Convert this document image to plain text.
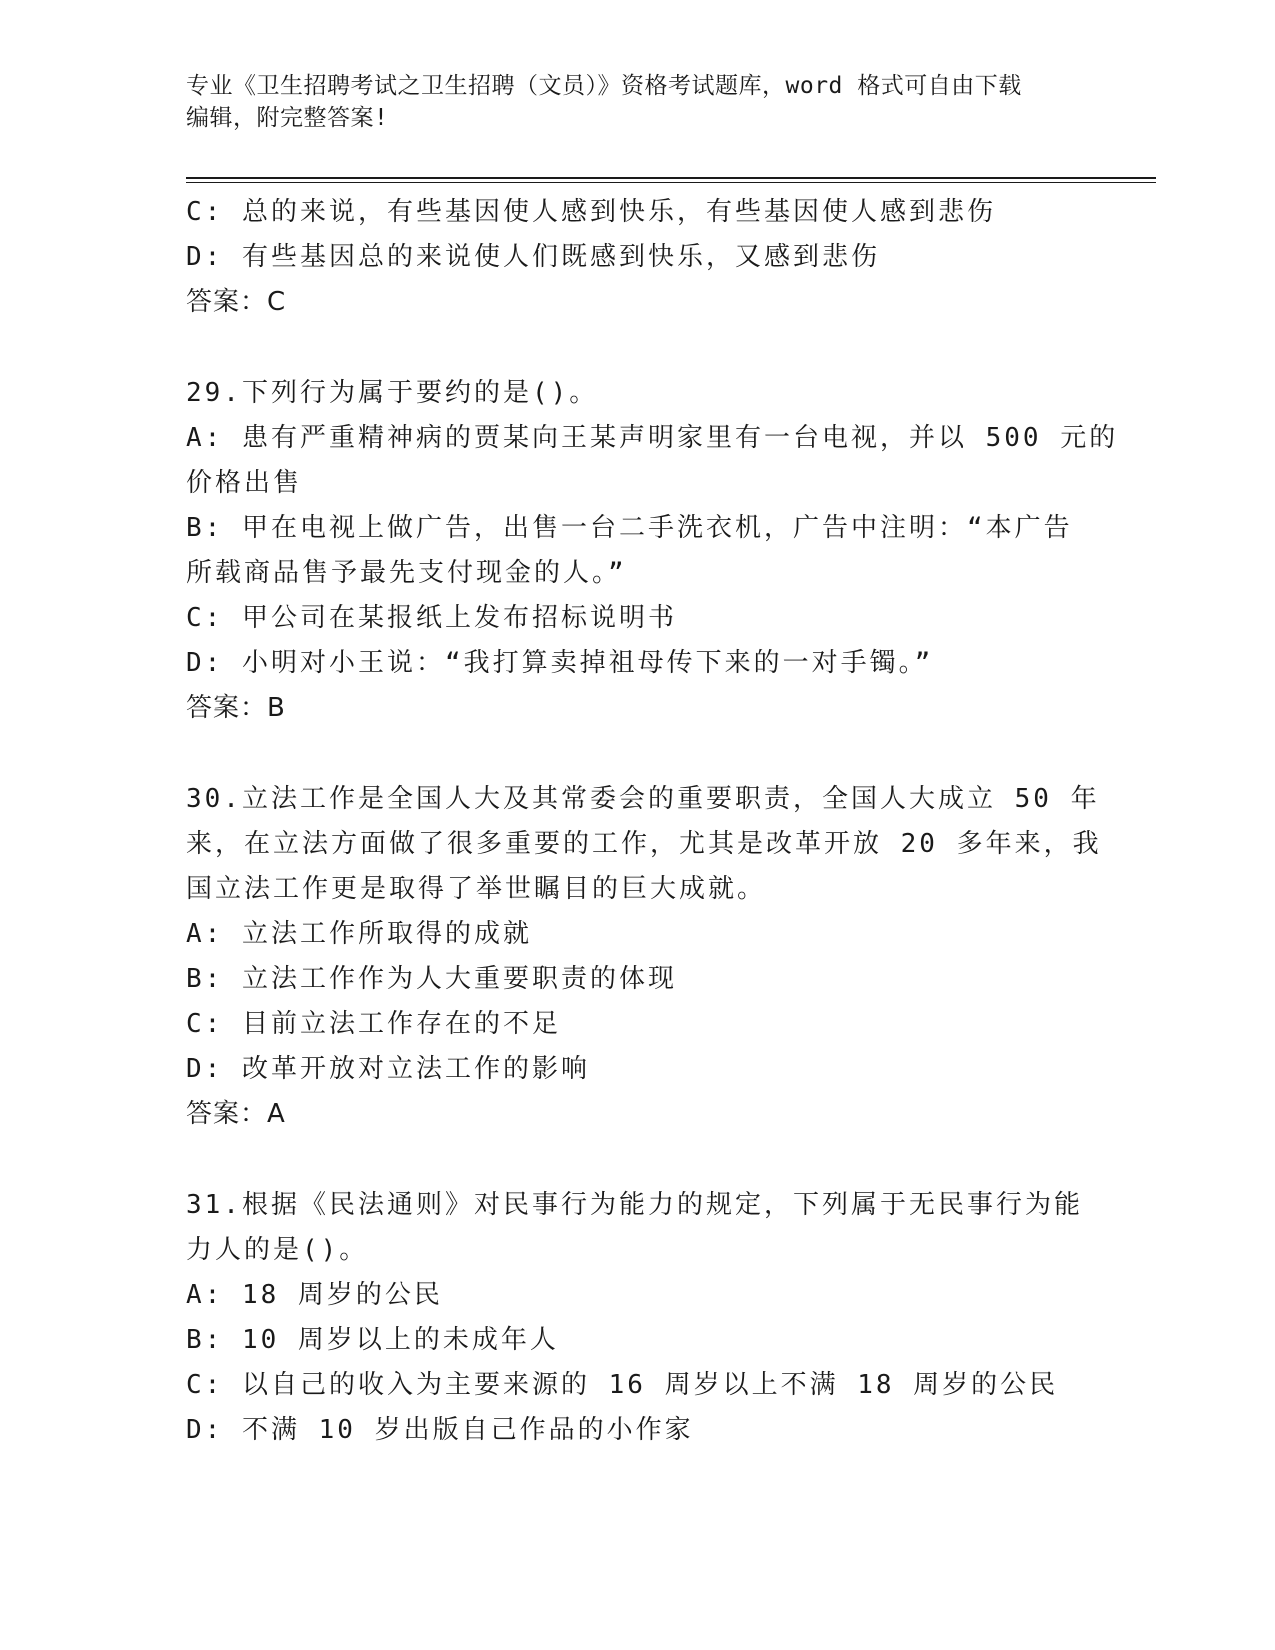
专业《卫生招聘考试之卫生招聘（文员）》资格考试题库，word 格式可自由下载
编辑，附完整答案!
C: 总的来说，有些基因使人感到快乐，有些基因使人感到悲伤
D: 有些基因总的来说使人们既感到快乐，又感到悲伤
答案：C
29.下列行为属于要约的是()。
A: 患有严重精神病的贾某向王某声明家里有一台电视，并以 500 元的
价格出售
B: 甲在电视上做广告，出售一台二手洗衣机，广告中注明：“本广告
所载商品售予最先支付现金的人。”
C: 甲公司在某报纸上发布招标说明书
D: 小明对小王说：“我打算卖掉祖母传下来的一对手镯。”
答案：B
30.立法工作是全国人大及其常委会的重要职责，全国人大成立 50 年
来，在立法方面做了很多重要的工作，尤其是改革开放 20 多年来，我
国立法工作更是取得了举世瞩目的巨大成就。
A: 立法工作所取得的成就
B: 立法工作作为人大重要职责的体现
C: 目前立法工作存在的不足
D: 改革开放对立法工作的影响
答案：A
31.根据《民法通则》对民事行为能力的规定，下列属于无民事行为能
力人的是()。
A: 18 周岁的公民
B: 10 周岁以上的未成年人
C: 以自己的收入为主要来源的 16 周岁以上不满 18 周岁的公民
D: 不满 10 岁出版自己作品的小作家
